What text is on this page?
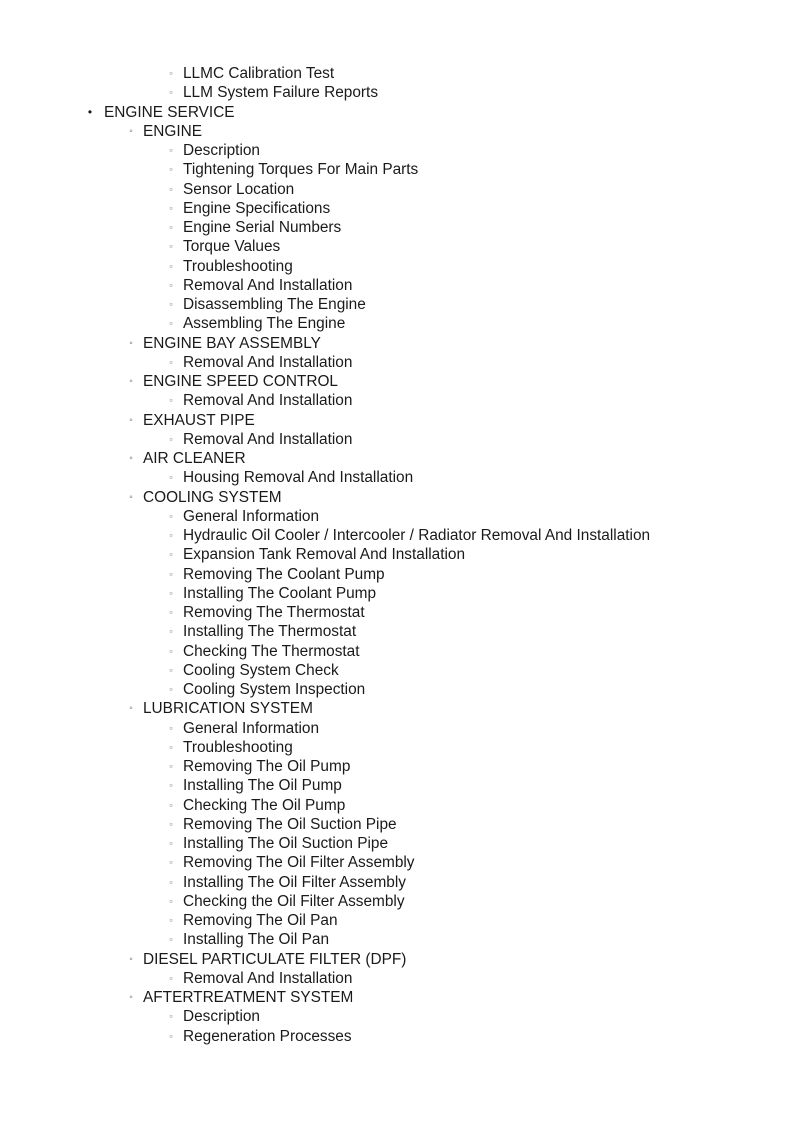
▫ LLMC Calibration Test
▫ LLM System Failure Reports
• ENGINE SERVICE
◦ ENGINE
▫ Description
▫ Tightening Torques For Main Parts
▫ Sensor Location
▫ Engine Specifications
▫ Engine Serial Numbers
▫ Torque Values
▫ Troubleshooting
▫ Removal And Installation
▫ Disassembling The Engine
▫ Assembling The Engine
◦ ENGINE BAY ASSEMBLY
▫ Removal And Installation
◦ ENGINE SPEED CONTROL
▫ Removal And Installation
◦ EXHAUST PIPE
▫ Removal And Installation
◦ AIR CLEANER
▫ Housing Removal And Installation
◦ COOLING SYSTEM
▫ General Information
▫ Hydraulic Oil Cooler / Intercooler / Radiator Removal And Installation
▫ Expansion Tank Removal And Installation
▫ Removing The Coolant Pump
▫ Installing The Coolant Pump
▫ Removing The Thermostat
▫ Installing The Thermostat
▫ Checking The Thermostat
▫ Cooling System Check
▫ Cooling System Inspection
◦ LUBRICATION SYSTEM
▫ General Information
▫ Troubleshooting
▫ Removing The Oil Pump
▫ Installing The Oil Pump
▫ Checking The Oil Pump
▫ Removing The Oil Suction Pipe
▫ Installing The Oil Suction Pipe
▫ Removing The Oil Filter Assembly
▫ Installing The Oil Filter Assembly
▫ Checking the Oil Filter Assembly
▫ Removing The Oil Pan
▫ Installing The Oil Pan
◦ DIESEL PARTICULATE FILTER (DPF)
▫ Removal And Installation
◦ AFTERTREATMENT SYSTEM
▫ Description
▫ Regeneration Processes
